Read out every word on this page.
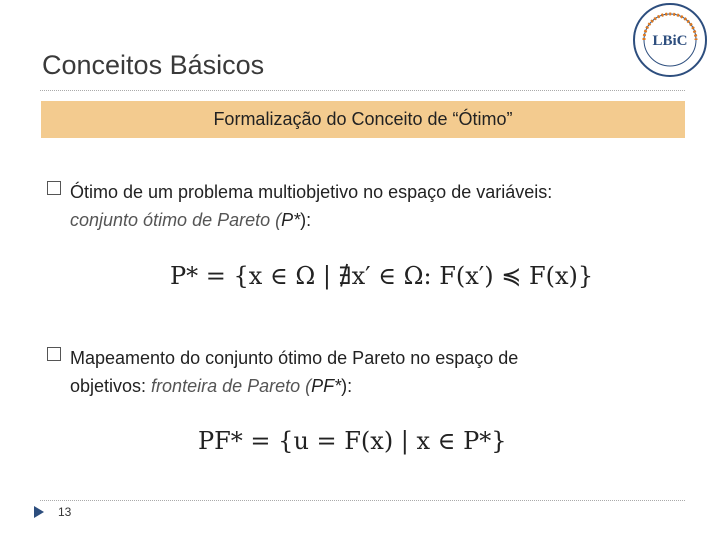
Conceitos Básicos
LBiC
Formalização do Conceito de “Ótimo”
Ótimo de um problema multiobjetivo no espaço de variáveis:
conjunto ótimo de Pareto (P*):
P* = {x ∈ Ω | ∄x′ ∈ Ω: F(x′) ≼ F(x)}
Mapeamento do conjunto ótimo de Pareto no espaço de
objetivos: fronteira de Pareto (PF*):
PF* = {u = F(x) | x ∈ P*}
13
